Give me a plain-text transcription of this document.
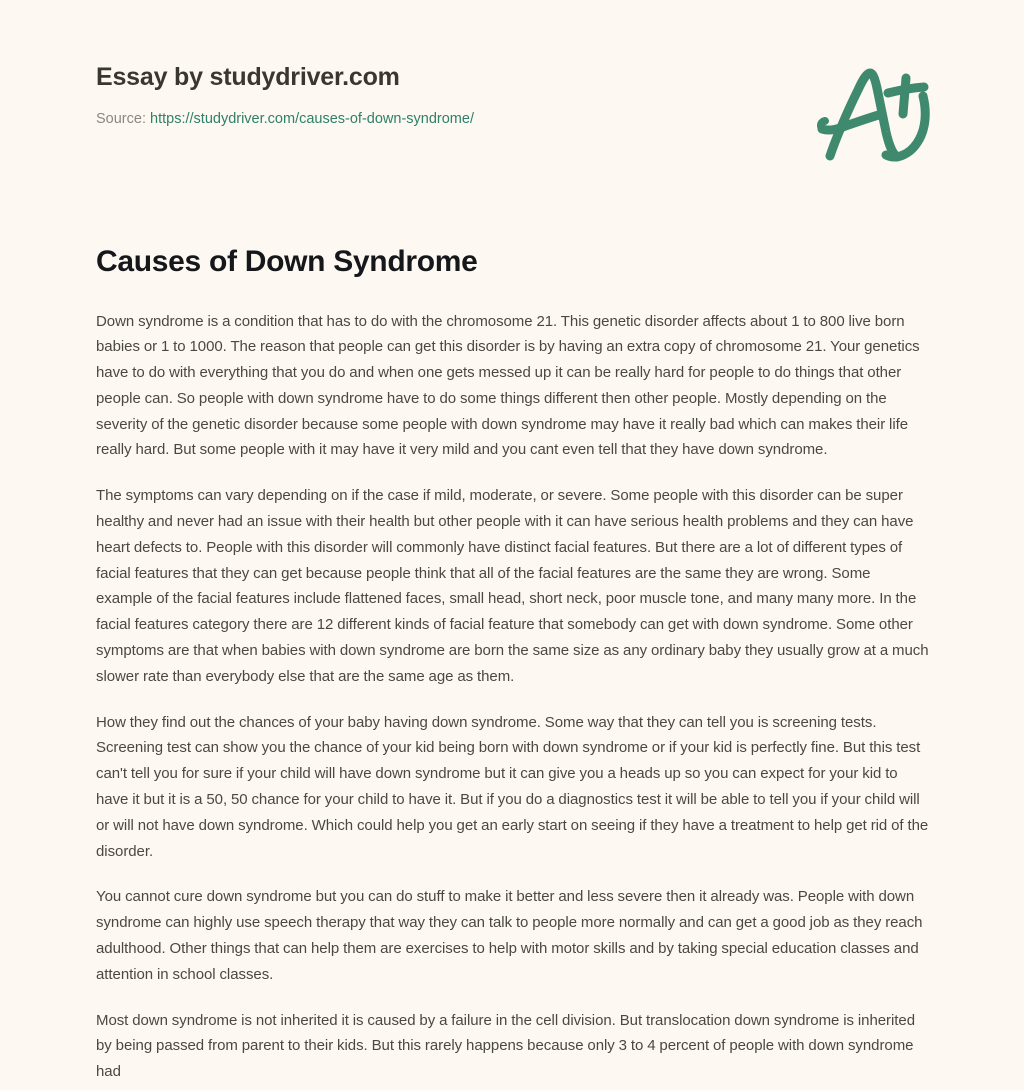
Essay by studydriver.com
Source: https://studydriver.com/causes-of-down-syndrome/
Causes of Down Syndrome

Down syndrome is a condition that has to do with the chromosome 21. This genetic disorder affects about 1 to 800 live born babies or 1 to 1000. The reason that people can get this disorder is by having an extra copy of chromosome 21. Your genetics have to do with everything that you do and when one gets messed up it can be really hard for people to do things that other people can. So people with down syndrome have to do some things different then other people. Mostly depending on the severity of the genetic disorder because some people with down syndrome may have it really bad which can makes their life really hard. But some people with it may have it very mild and you cant even tell that they have down syndrome.

The symptoms can vary depending on if the case if mild, moderate, or severe. Some people with this disorder can be super healthy and never had an issue with their health but other people with it can have serious health problems and they can have heart defects to. People with this disorder will commonly have distinct facial features. But there are a lot of different types of facial features that they can get because people think that all of the facial features are the same they are wrong. Some example of the facial features include flattened faces, small head, short neck, poor muscle tone, and many many more. In the facial features category there are 12 different kinds of facial feature that somebody can get with down syndrome. Some other symptoms are that when babies with down syndrome are born the same size as any ordinary baby they usually grow at a much slower rate than everybody else that are the same age as them.

How they find out the chances of your baby having down syndrome. Some way that they can tell you is screening tests. Screening test can show you the chance of your kid being born with down syndrome or if your kid is perfectly fine. But this test can't tell you for sure if your child will have down syndrome but it can give you a heads up so you can expect for your kid to have it but it is a 50, 50 chance for your child to have it. But if you do a diagnostics test it will be able to tell you if your child will or will not have down syndrome. Which could help you get an early start on seeing if they have a treatment to help get rid of the disorder.

You cannot cure down syndrome but you can do stuff to make it better and less severe then it already was. People with down syndrome can highly use speech therapy that way they can talk to people more normally and can get a good job as they reach adulthood. Other things that can help them are exercises to help with motor skills and by taking special education classes and attention in school classes.

Most down syndrome is not inherited it is caused by a failure in the cell division. But translocation down syndrome is inherited by being passed from parent to their kids. But this rarely happens because only 3 to 4 percent of people with down syndrome had
